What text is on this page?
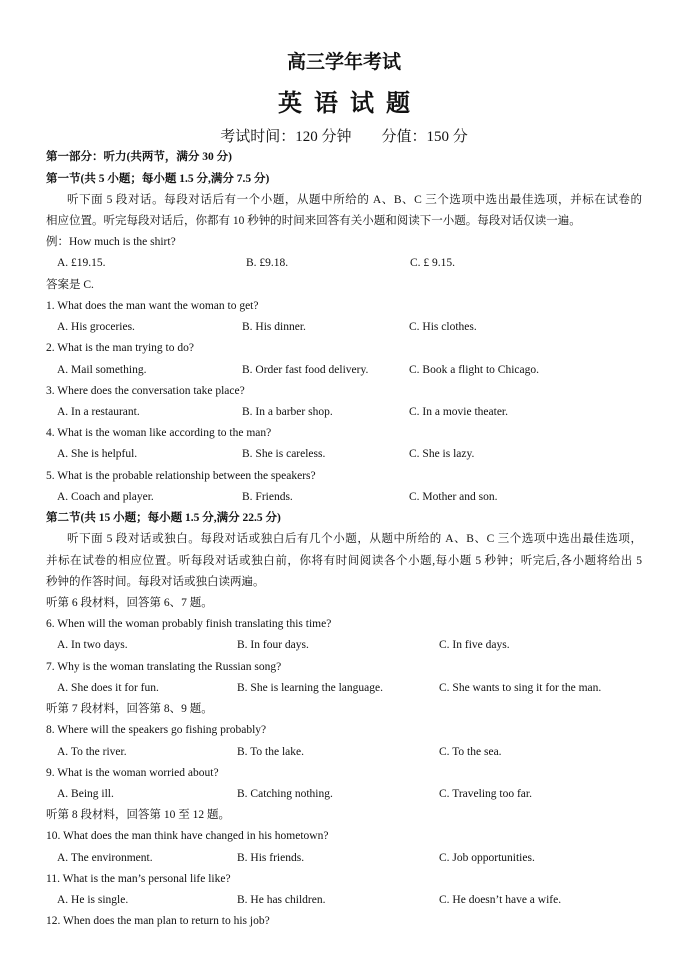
高三学年考试
英 语 试 题
考试时间：120 分钟　　分值：150 分
第一部分：听力(共两节，满分 30 分)
第一节(共 5 小题；每小题 1.5 分,满分 7.5 分)
听下面 5 段对话。每段对话后有一个小题，从题中所给的 A、B、C 三个选项中选出最佳选项，并标在试卷的
相应位置。听完每段对话后，你都有 10 秒钟的时间来回答有关小题和阅读下一小题。每段对话仅读一遍。
例：How much is the shirt?
A. £19.15.	B. £9.18.	C. £ 9.15.
答案是 C.
1. What does the man want the woman to get?
A. His groceries.	B. His dinner.	C. His clothes.
2. What is the man trying to do?
A. Mail something.	B. Order fast food delivery.	C. Book a flight to Chicago.
3. Where does the conversation take place?
A. In a restaurant.	B. In a barber shop.	C. In a movie theater.
4. What is the woman like according to the man?
A. She is helpful.	B. She is careless.	C. She is lazy.
5. What is the probable relationship between the speakers?
A. Coach and player.	B. Friends.	C. Mother and son.
第二节(共 15 小题；每小题 1.5 分,满分 22.5 分)
听下面 5 段对话或独白。每段对话或独白后有几个小题，从题中所给的 A、B、C 三个选项中选出最佳选项，
并标在试卷的相应位置。听每段对话或独白前，你将有时间阅读各个小题,每小题 5 秒钟；听完后,各小题将给出 5
秒钟的作答时间。每段对话或独白读两遍。
听第 6 段材料，回答第 6、7 题。
6. When will the woman probably finish translating this time?
A. In two days.	B. In four days.	C. In five days.
7. Why is the woman translating the Russian song?
A. She does it for fun.	B. She is learning the language.	C. She wants to sing it for the man.
听第 7 段材料，回答第 8、9 题。
8. Where will the speakers go fishing probably?
A. To the river.	B. To the lake.	C. To the sea.
9. What is the woman worried about?
A. Being ill.	B. Catching nothing.	C. Traveling too far.
听第 8 段材料，回答第 10 至 12 题。
10. What does the man think have changed in his hometown?
A. The environment.	B. His friends.	C. Job opportunities.
11. What is the man’s personal life like?
A. He is single.	B. He has children.	C. He doesn’t have a wife.
12. When does the man plan to return to his job?
